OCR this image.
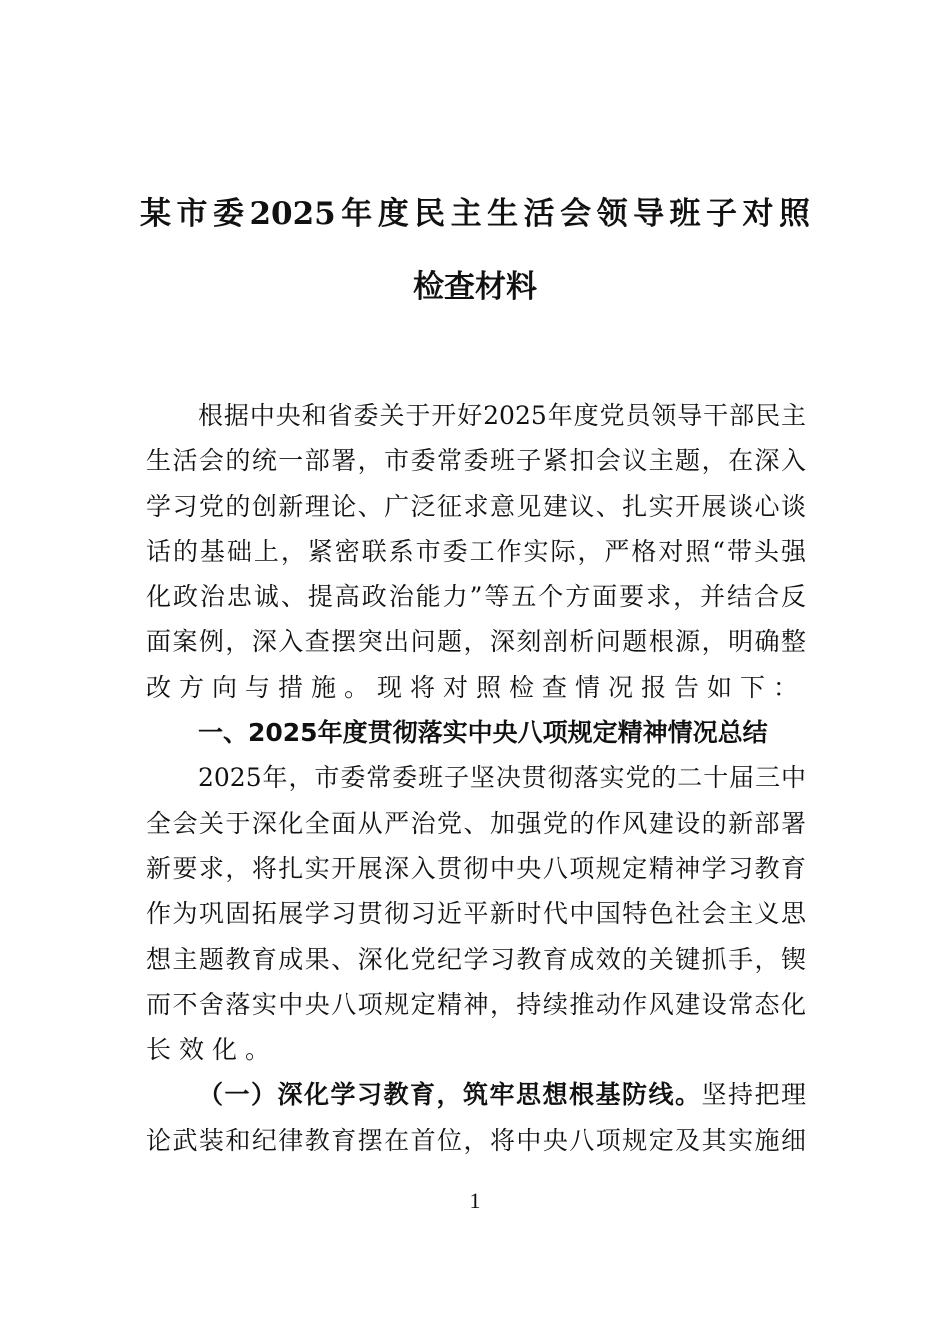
某市委2025年度民主生活会领导班子对照
检查材料
根据中央和省委关于开好2025年度党员领导干部民主
生活会的统一部署，市委常委班子紧扣会议主题，在深入
学习党的创新理论、广泛征求意见建议、扎实开展谈心谈
话的基础上，紧密联系市委工作实际，严格对照“带头强
化政治忠诚、提高政治能力”等五个方面要求，并结合反
面案例，深入查摆突出问题，深刻剖析问题根源，明确整
改方向与措施。现将对照检查情况报告如下：
一、2025年度贯彻落实中央八项规定精神情况总结
2025年，市委常委班子坚决贯彻落实党的二十届三中
全会关于深化全面从严治党、加强党的作风建设的新部署
新要求，将扎实开展深入贯彻中央八项规定精神学习教育
作为巩固拓展学习贯彻习近平新时代中国特色社会主义思
想主题教育成果、深化党纪学习教育成效的关键抓手，锲
而不舍落实中央八项规定精神，持续推动作风建设常态化
长效化。
（一）深化学习教育，筑牢思想根基防线。坚持把理
论武装和纪律教育摆在首位，将中央八项规定及其实施细
1
